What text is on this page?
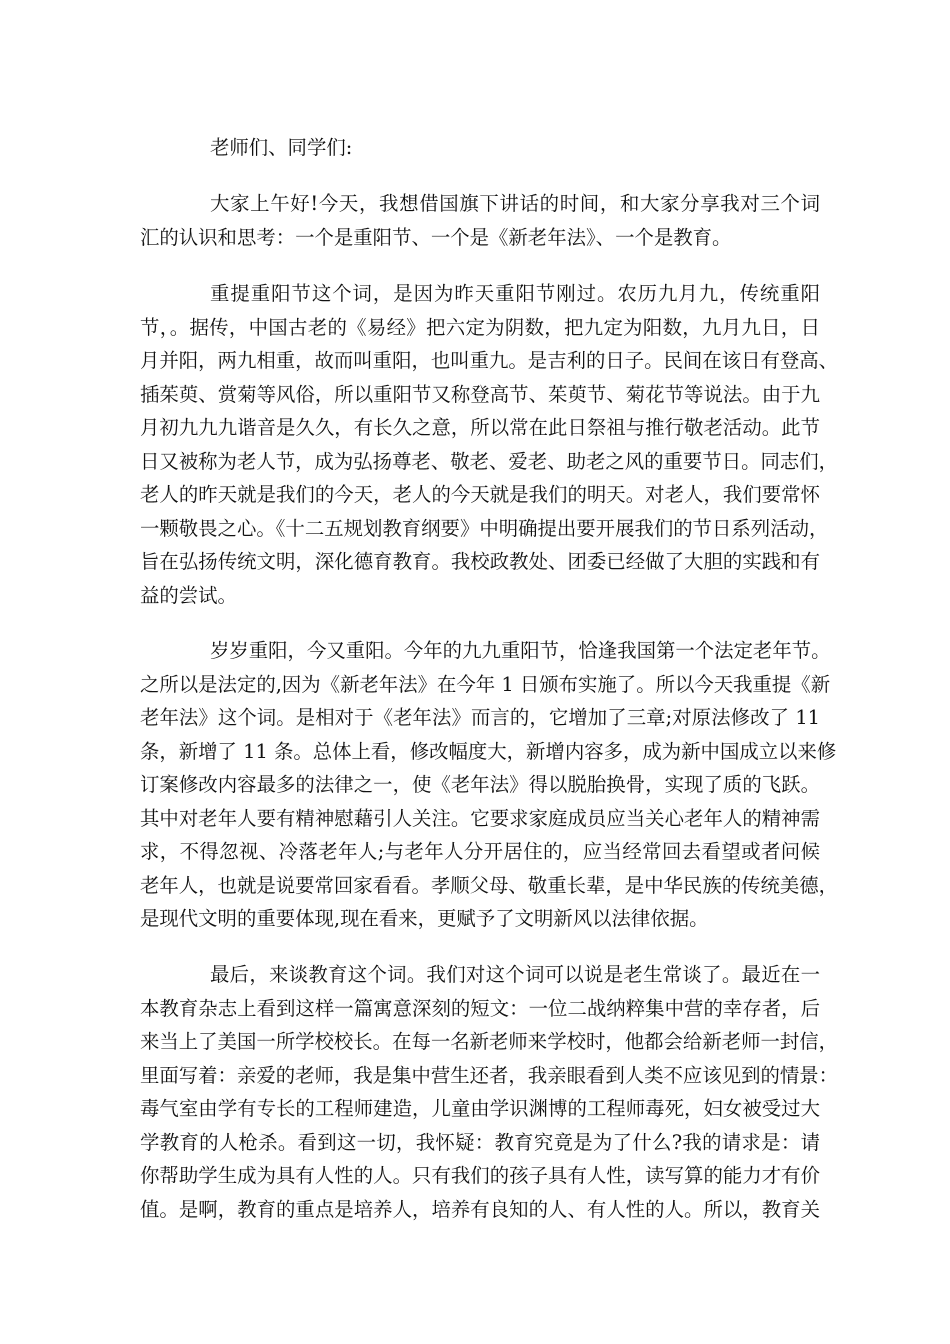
老师们、同学们:
大家上午好!今天，我想借国旗下讲话的时间，和大家分享我对三个词
汇的认识和思考：一个是重阳节、一个是《新老年法》、一个是教育。
重提重阳节这个词，是因为昨天重阳节刚过。农历九月九，传统重阳
节，。据传，中国古老的《易经》把六定为阴数，把九定为阳数，九月九日，日
月并阳，两九相重，故而叫重阳，也叫重九。是吉利的日子。民间在该日有登高、
插茱萸、赏菊等风俗，所以重阳节又称登高节、茱萸节、菊花节等说法。由于九
月初九九九谐音是久久，有长久之意，所以常在此日祭祖与推行敬老活动。此节
日又被称为老人节，成为弘扬尊老、敬老、爱老、助老之风的重要节日。同志们，
老人的昨天就是我们的今天，老人的今天就是我们的明天。对老人，我们要常怀
一颗敬畏之心。《十二五规划教育纲要》中明确提出要开展我们的节日系列活动，
旨在弘扬传统文明，深化德育教育。我校政教处、团委已经做了大胆的实践和有
益的尝试。
岁岁重阳，今又重阳。今年的九九重阳节，恰逢我国第一个法定老年节。
之所以是法定的,因为《新老年法》在今年 1 日颁布实施了。所以今天我重提《新
老年法》这个词。是相对于《老年法》而言的，它增加了三章;对原法修改了 11
条，新增了 11 条。总体上看，修改幅度大，新增内容多，成为新中国成立以来修
订案修改内容最多的法律之一，使《老年法》得以脱胎换骨，实现了质的飞跃。
其中对老年人要有精神慰藉引人关注。它要求家庭成员应当关心老年人的精神需
求，不得忽视、冷落老年人;与老年人分开居住的，应当经常回去看望或者问候
老年人，也就是说要常回家看看。孝顺父母、敬重长辈，是中华民族的传统美德，
是现代文明的重要体现,现在看来，更赋予了文明新风以法律依据。
最后，来谈教育这个词。我们对这个词可以说是老生常谈了。最近在一
本教育杂志上看到这样一篇寓意深刻的短文：一位二战纳粹集中营的幸存者，后
来当上了美国一所学校校长。在每一名新老师来学校时，他都会给新老师一封信，
里面写着：亲爱的老师，我是集中营生还者，我亲眼看到人类不应该见到的情景：
毒气室由学有专长的工程师建造，儿童由学识渊博的工程师毒死，妇女被受过大
学教育的人枪杀。看到这一切，我怀疑：教育究竟是为了什么?我的请求是：请
你帮助学生成为具有人性的人。只有我们的孩子具有人性，读写算的能力才有价
值。是啊，教育的重点是培养人，培养有良知的人、有人性的人。所以，教育关
